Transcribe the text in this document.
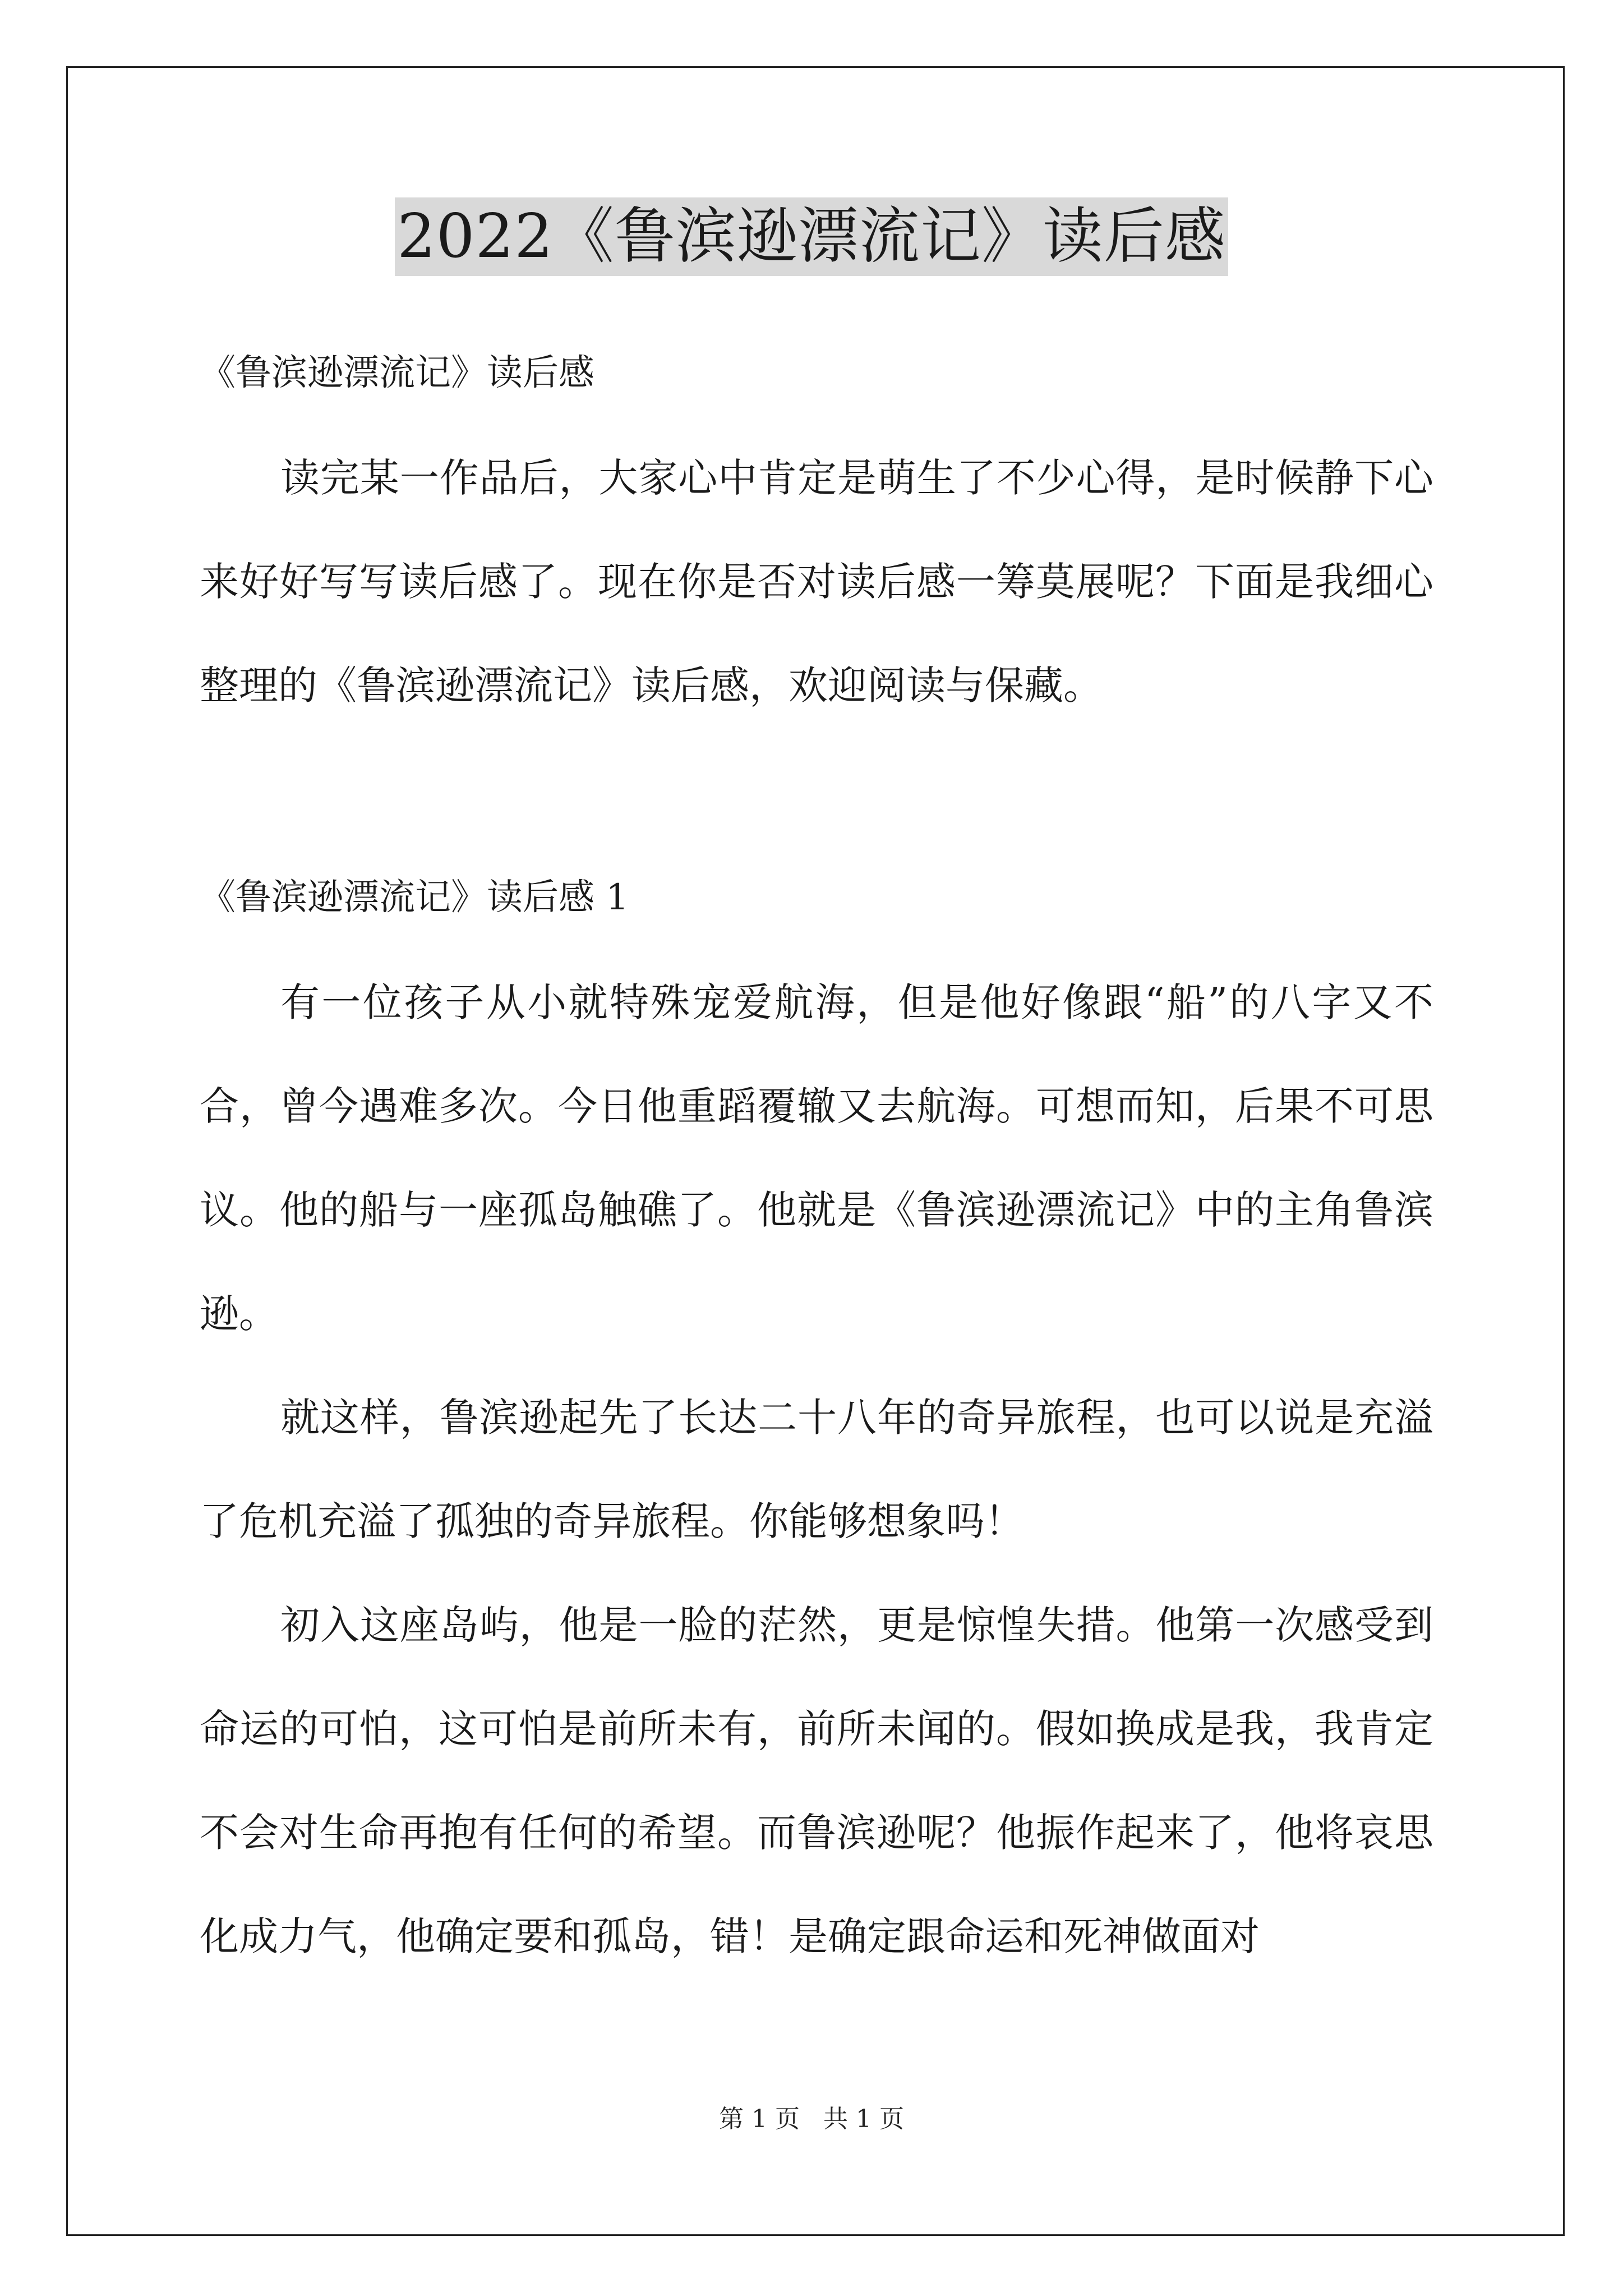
2022《鲁滨逊漂流记》读后感

《鲁滨逊漂流记》读后感

读完某一作品后，大家心中肯定是萌生了不少心得，是时候静下心来好好写写读后感了。现在你是否对读后感一筹莫展呢？下面是我细心整理的《鲁滨逊漂流记》读后感，欢迎阅读与保藏。

《鲁滨逊漂流记》读后感 1

有一位孩子从小就特殊宠爱航海，但是他好像跟“船”的八字又不合，曾今遇难多次。今日他重蹈覆辙又去航海。可想而知，后果不可思议。他的船与一座孤岛触礁了。他就是《鲁滨逊漂流记》中的主角鲁滨逊。

就这样，鲁滨逊起先了长达二十八年的奇异旅程，也可以说是充溢了危机充溢了孤独的奇异旅程。你能够想象吗！

初入这座岛屿，他是一脸的茫然，更是惊惶失措。他第一次感受到命运的可怕，这可怕是前所未有，前所未闻的。假如换成是我，我肯定不会对生命再抱有任何的希望。而鲁滨逊呢？他振作起来了，他将哀思化成力气，他确定要和孤岛，错！是确定跟命运和死神做面对

第 1 页   共 1 页
